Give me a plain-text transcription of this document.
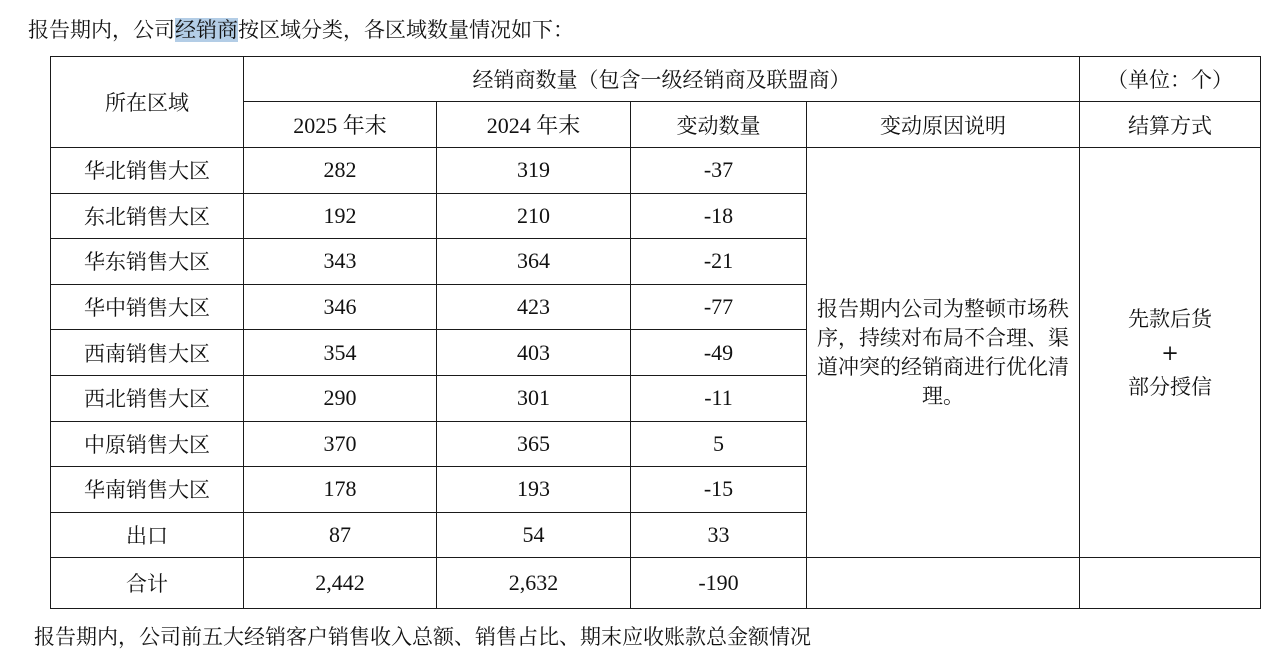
报告期内，公司经销商按区域分类，各区域数量情况如下：

所在区域	经销商数量（包含一级经销商及联盟商）				（单位：个）
	2025 年末	2024 年末	变动数量	变动原因说明	结算方式
华北销售大区	282	319	-37	报告期内公司为整顿市场秩序，持续对布局不合理、渠道冲突的经销商进行优化清理。	先款后货
+
部分授信

东北销售大区	192	210	-18		
华东销售大区	343	364	-21		
华中销售大区	346	423	-77		
西南销售大区	354	403	-49		
西北销售大区	290	301	-11		
中原销售大区	370	365	5		
华南销售大区	178	193	-15		
出口	87	54	33		
合计	2,442	2,632	-190		

报告期内，公司前五大经销客户销售收入总额、销售占比、期末应收账款总金额情况
